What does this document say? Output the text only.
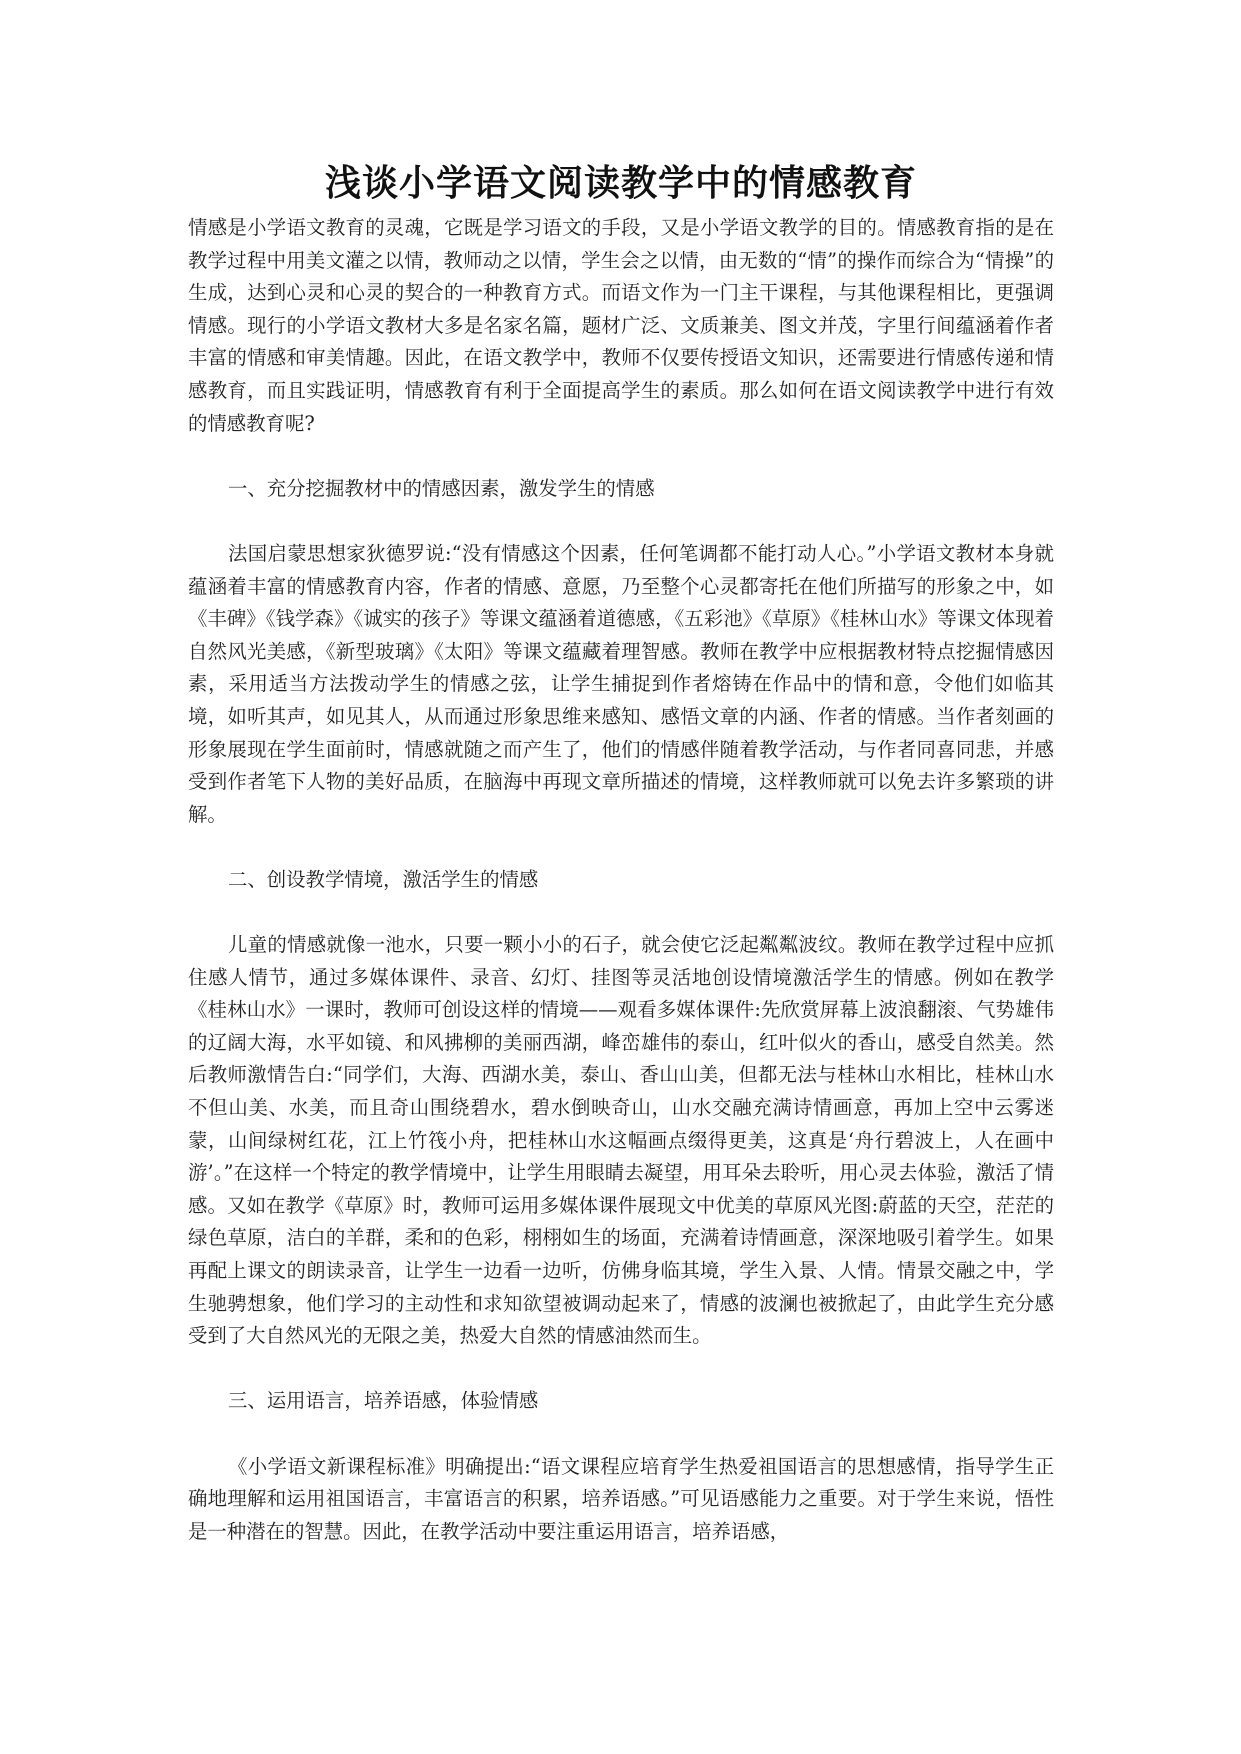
浅谈小学语文阅读教学中的情感教育

情感是小学语文教育的灵魂，它既是学习语文的手段，又是小学语文教学的目的。情感教育指的是在教学过程中用美文灌之以情，教师动之以情，学生会之以情，由无数的“情”的操作而综合为“情操”的生成，达到心灵和心灵的契合的一种教育方式。而语文作为一门主干课程，与其他课程相比，更强调情感。现行的小学语文教材大多是名家名篇，题材广泛、文质兼美、图文并茂，字里行间蕴涵着作者丰富的情感和审美情趣。因此，在语文教学中，教师不仅要传授语文知识，还需要进行情感传递和情感教育，而且实践证明，情感教育有利于全面提高学生的素质。那么如何在语文阅读教学中进行有效的情感教育呢?

一、充分挖掘教材中的情感因素，激发学生的情感

法国启蒙思想家狄德罗说:“没有情感这个因素，任何笔调都不能打动人心。”小学语文教材本身就蕴涵着丰富的情感教育内容，作者的情感、意愿，乃至整个心灵都寄托在他们所描写的形象之中，如《丰碑》《钱学森》《诚实的孩子》等课文蕴涵着道德感，《五彩池》《草原》《桂林山水》等课文体现着自然风光美感，《新型玻璃》《太阳》等课文蕴藏着理智感。教师在教学中应根据教材特点挖掘情感因素，采用适当方法拨动学生的情感之弦，让学生捕捉到作者熔铸在作品中的情和意，令他们如临其境，如听其声，如见其人，从而通过形象思维来感知、感悟文章的内涵、作者的情感。当作者刻画的形象展现在学生面前时，情感就随之而产生了，他们的情感伴随着教学活动，与作者同喜同悲，并感受到作者笔下人物的美好品质，在脑海中再现文章所描述的情境，这样教师就可以免去许多繁琐的讲解。

二、创设教学情境，激活学生的情感

儿童的情感就像一池水，只要一颗小小的石子，就会使它泛起粼粼波纹。教师在教学过程中应抓住感人情节，通过多媒体课件、录音、幻灯、挂图等灵活地创设情境激活学生的情感。例如在教学《桂林山水》一课时，教师可创设这样的情境——观看多媒体课件:先欣赏屏幕上波浪翻滚、气势雄伟的辽阔大海，水平如镜、和风拂柳的美丽西湖，峰峦雄伟的泰山，红叶似火的香山，感受自然美。然后教师激情告白:“同学们，大海、西湖水美，泰山、香山山美，但都无法与桂林山水相比，桂林山水不但山美、水美，而且奇山围绕碧水，碧水倒映奇山，山水交融充满诗情画意，再加上空中云雾迷蒙，山间绿树红花，江上竹筏小舟，把桂林山水这幅画点缀得更美，这真是‘舟行碧波上，人在画中游’。”在这样一个特定的教学情境中，让学生用眼睛去凝望，用耳朵去聆听，用心灵去体验，激活了情感。又如在教学《草原》时，教师可运用多媒体课件展现文中优美的草原风光图:蔚蓝的天空，茫茫的绿色草原，洁白的羊群，柔和的色彩，栩栩如生的场面，充满着诗情画意，深深地吸引着学生。如果再配上课文的朗读录音，让学生一边看一边听，仿佛身临其境，学生入景、人情。情景交融之中，学生驰骋想象，他们学习的主动性和求知欲望被调动起来了，情感的波澜也被掀起了，由此学生充分感受到了大自然风光的无限之美，热爱大自然的情感油然而生。

三、运用语言，培养语感，体验情感

《小学语文新课程标准》明确提出:“语文课程应培育学生热爱祖国语言的思想感情，指导学生正确地理解和运用祖国语言，丰富语言的积累，培养语感。”可见语感能力之重要。对于学生来说，悟性是一种潜在的智慧。因此，在教学活动中要注重运用语言，培养语感，
